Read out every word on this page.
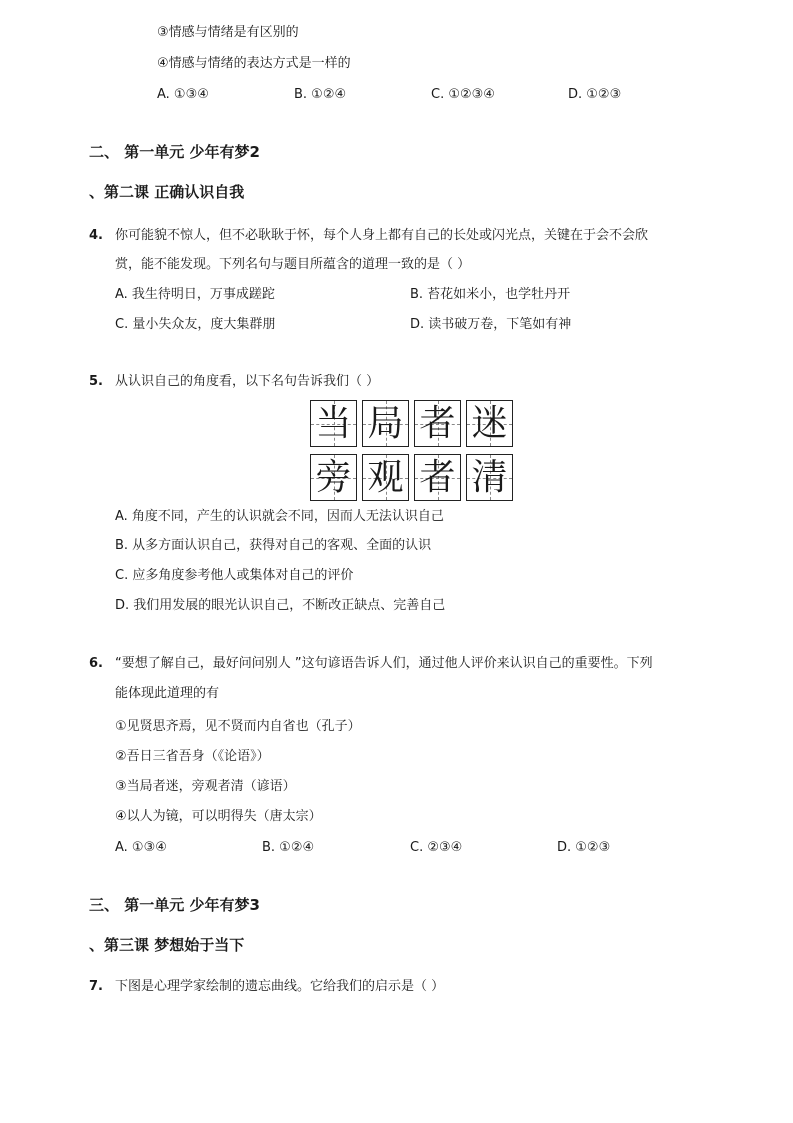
③情感与情绪是有区别的
④情感与情绪的表达方式是一样的
A. ①③④	B. ①②④	C. ①②③④	D. ①②③
二、 第一单元 少年有梦2
、第二课 正确认识自我
4. 你可能貌不惊人，但不必耿耿于怀，每个人身上都有自己的长处或闪光点，关键在于会不会欣
赏，能不能发现。下列名句与题目所蕴含的道理一致的是（ ）
A. 我生待明日，万事成蹉跎	B. 苔花如米小，也学牡丹开
C. 量小失众友，度大集群朋	D. 读书破万卷，下笔如有神
5. 从认识自己的角度看，以下名句告诉我们（ ）
当 局 者 迷
旁 观 者 清
A. 角度不同，产生的认识就会不同，因而人无法认识自己
B. 从多方面认识自己，获得对自己的客观、全面的认识
C. 应多角度参考他人或集体对自己的评价
D. 我们用发展的眼光认识自己，不断改正缺点、完善自己
6. “要想了解自己，最好问问别人 ”这句谚语告诉人们，通过他人评价来认识自己的重要性。下列
能体现此道理的有
①见贤思齐焉，见不贤而内自省也（孔子）
②吾日三省吾身（《论语》）
③当局者迷，旁观者清（谚语）
④以人为镜，可以明得失（唐太宗）
A. ①③④	B. ①②④	C. ②③④	D. ①②③
三、 第一单元 少年有梦3
、第三课 梦想始于当下
7. 下图是心理学家绘制的遗忘曲线。它给我们的启示是（ ）
